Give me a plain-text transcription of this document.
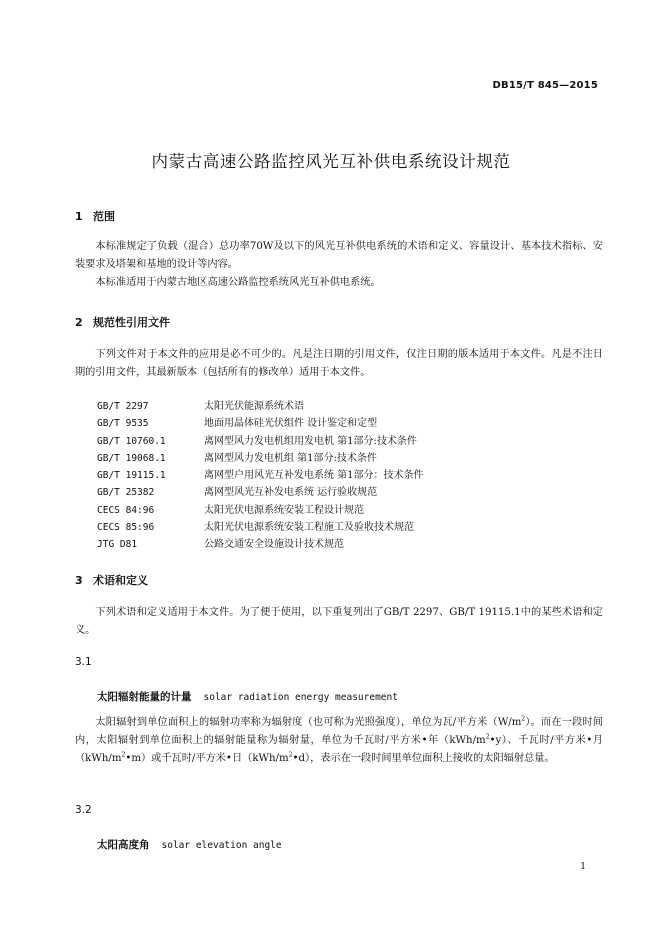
DB15/T 845—2015
内蒙古高速公路监控风光互补供电系统设计规范
1 范围

本标准规定了负载（混合）总功率70W及以下的风光互补供电系统的术语和定义、容量设计、基本技术指标、安装要求及塔架和基地的设计等内容。

本标准适用于内蒙古地区高速公路监控系统风光互补供电系统。

2 规范性引用文件

下列文件对于本文件的应用是必不可少的。凡是注日期的引用文件，仅注日期的版本适用于本文件。凡是不注日期的引用文件，其最新版本（包括所有的修改单）适用于本文件。

GB/T 2297	太阳光伏能源系统术语
GB/T 9535	地面用晶体硅光伏组件 设计鉴定和定型
GB/T 10760.1	离网型风力发电机组用发电机 第1部分:技术条件
GB/T 19068.1	离网型风力发电机组 第1部分:技术条件
GB/T 19115.1	离网型户用风光互补发电系统 第1部分：技术条件
GB/T 25382	离网型风光互补发电系统 运行验收规范
CECS 84:96	太阳光伏电源系统安装工程设计规范
CECS 85:96	太阳光伏电源系统安装工程施工及验收技术规范
JTG D81	公路交通安全设施设计技术规范
3 术语和定义

下列术语和定义适用于本文件。为了便于使用，以下重复列出了GB/T 2297、GB/T 19115.1中的某些术语和定义。

3.1
太阳辐射能量的计量 solar radiation energy measurement

太阳辐射到单位面积上的辐射功率称为辐射度（也可称为光照强度），单位为瓦/平方米$(W/m^2)$。而在一段时间内，太阳辐射到单位面积上的辐射能量称为辐射量，单位为千瓦时/平方米•年$(kWh/m^2•y)$、千瓦时/平方米•月$(kWh/m^2•m)$或千瓦时/平方米•日$(kWh/m^2•d)$，表示在一段时间里单位面积上接收的太阳辐射总量。

3.2
太阳高度角 solar elevation angle
1
